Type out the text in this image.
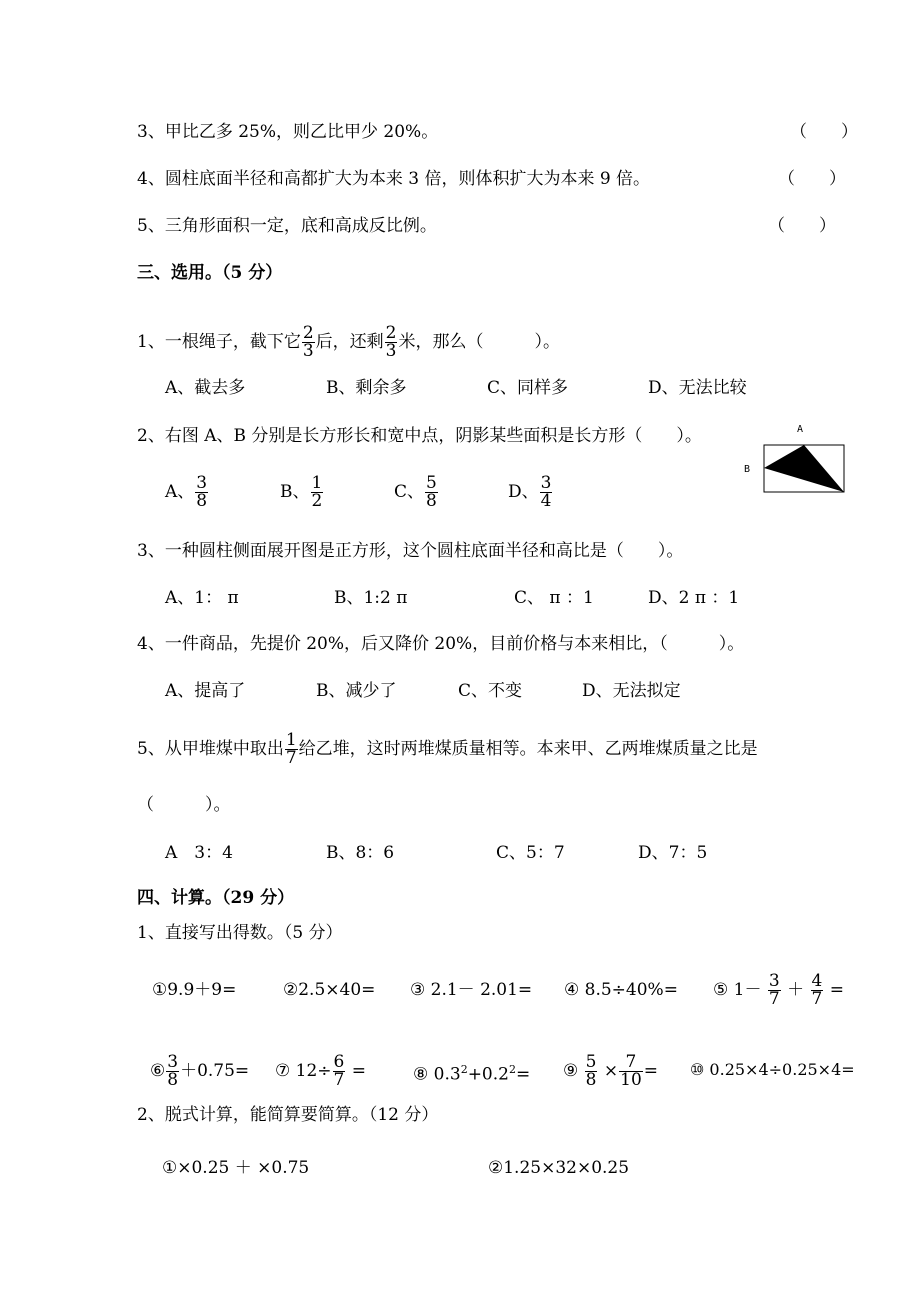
3、甲比乙多 25%，则乙比甲少 20%。	（　　）
4、圆柱底面半径和高都扩大为本来 3 倍，则体积扩大为本来 9 倍。	（　　）
5、三角形面积一定，底和高成反比例。	（　　）
三、选用。（5 分）
1、一根绳子，截下它 $\frac{2}{3}$ 后，还剩 $\frac{2}{3}$ 米，那么（　　　）。
A、截去多	B、剩余多	C、同样多	D、无法比较
2、右图 A、B 分别是长方形长和宽中点，阴影某些面积是长方形（　　）。	A
B
A、 $\frac{3}{8}$	B、 $\frac{1}{2}$	C、 $\frac{5}{8}$	D、 $\frac{3}{4}$
3、一种圆柱侧面展开图是正方形，这个圆柱底面半径和高比是（　　）。
A、1： π	B、1:2 π	C、 π ：1	D、2 π ：1
4、一件商品，先提价 20%，后又降价 20%，目前价格与本来相比，（　　　）。
A、提高了	B、减少了	C、不变	D、无法拟定
5、从甲堆煤中取出 $\frac{1}{7}$ 给乙堆，这时两堆煤质量相等。本来甲、乙两堆煤质量之比是
（　　　）。
A　3：4	B、8：6	C、5：7	D、7：5
四、计算。（29 分）
1、直接写出得数。（5 分）
①9.9＋9=	②2.5×40= ③ 2.1－ 2.01= ④ 8.5÷40%= ⑤ $1- \frac{3}{7} + \frac{4}{7}$ =
⑥ $\frac{3}{8} +0.75=$ ⑦ $12\div \frac{6}{7}$ =	⑧ $0.3^2+0.2^2=$ ⑨ $\frac{5}{8} \times \frac{7}{10}$ = ⑩ 0.25×4÷0.25×4=
2、脱式计算，能简算要简算。（12 分）
①×0.25 ＋ ×0.75	②1.25×32×0.25
